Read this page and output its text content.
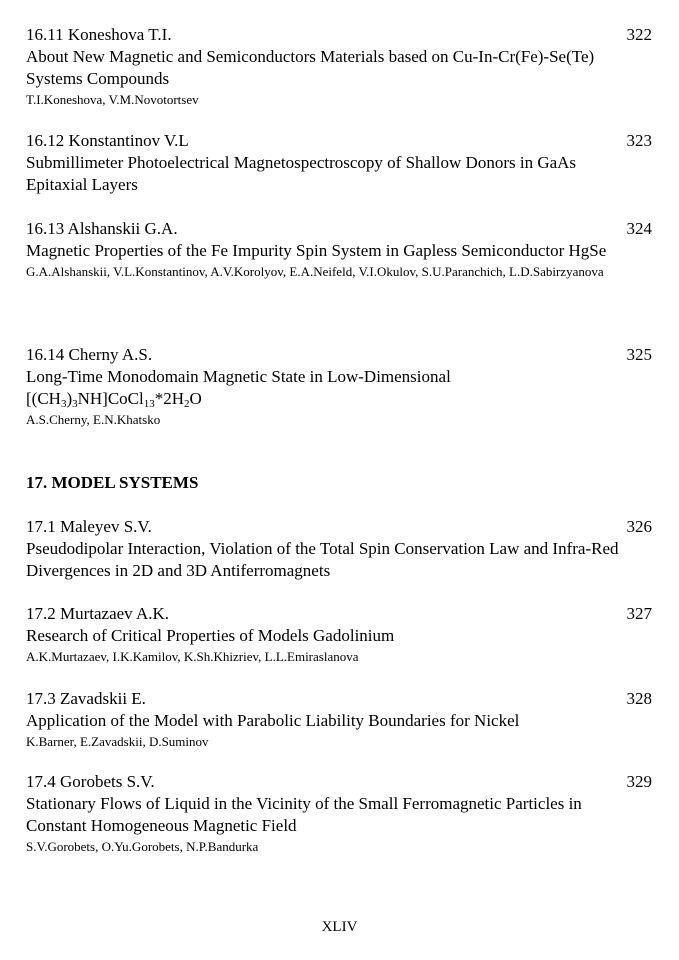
16.11 Koneshova T.I.	322
About New Magnetic and Semiconductors Materials based on Cu-In-Cr(Fe)-Se(Te) Systems Compounds
T.I.Koneshova, V.M.Novotortsev
16.12 Konstantinov V.L	323
Submillimeter Photoelectrical Magnetospectroscopy of Shallow Donors in GaAs Epitaxial Layers
16.13 Alshanskii G.A.	324
Magnetic Properties of the Fe Impurity Spin System in Gapless Semiconductor HgSe
G.A.Alshanskii, V.L.Konstantinov, A.V.Korolyov, E.A.Neifeld, V.I.Okulov, S.U.Paranchich, L.D.Sabirzyanova
16.14 Cherny A.S.	325
Long-Time Monodomain Magnetic State in Low-Dimensional
$[(CH_3)_3NH]CoCl_{13}*2H_2O$
A.S.Cherny, E.N.Khatsko
17. MODEL SYSTEMS
17.1 Maleyev S.V.	326
Pseudodipolar Interaction, Violation of the Total Spin Conservation Law and Infra-Red Divergences in 2D and 3D Antiferromagnets
17.2 Murtazaev A.K.	327
Research of Critical Properties of Models Gadolinium
A.K.Murtazaev, I.K.Kamilov, K.Sh.Khizriev, L.L.Emiraslanova
17.3 Zavadskii E.	328
Application of the Model with Parabolic Liability Boundaries for Nickel
K.Barner, E.Zavadskii, D.Suminov
17.4 Gorobets S.V.	329
Stationary Flows of Liquid in the Vicinity of the Small Ferromagnetic Particles in Constant Homogeneous Magnetic Field
S.V.Gorobets, O.Yu.Gorobets, N.P.Bandurka
XLIV
